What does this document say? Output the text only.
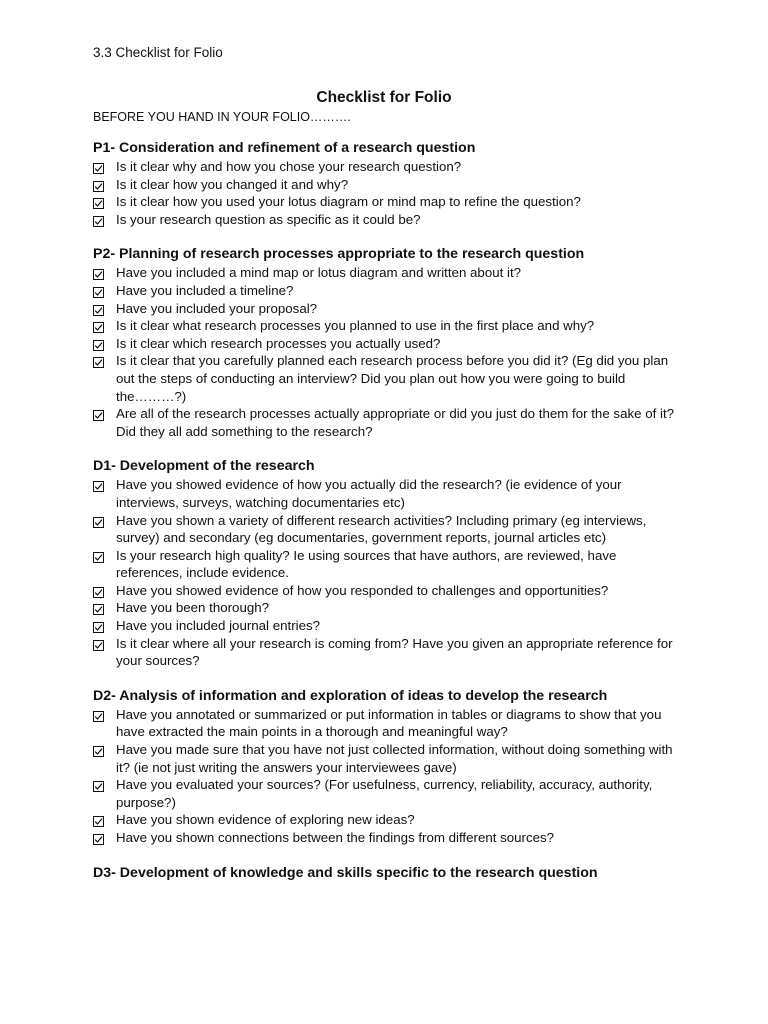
3.3 Checklist for Folio
Checklist for Folio
BEFORE YOU HAND IN YOUR FOLIO……….
P1- Consideration and refinement of a research question
Is it clear why and how you chose your research question?
Is it clear how you changed it and why?
Is it clear how you used your lotus diagram or mind map to refine the question?
Is your research question as specific as it could be?
P2- Planning of research processes appropriate to the research question
Have you included a mind map or lotus diagram and written about it?
Have you included a timeline?
Have you included your proposal?
Is it clear what research processes you planned to use in the first place and why?
Is it clear which research processes you actually used?
Is it clear that you carefully planned each research process before you did it? (Eg did you plan out the steps of conducting an interview? Did you plan out how you were going to build the………?)
Are all of the research processes actually appropriate or did you just do them for the sake of it? Did they all add something to the research?
D1- Development of the research
Have you showed evidence of how you actually did the research? (ie evidence of your interviews, surveys, watching documentaries etc)
Have you shown a variety of different research activities? Including primary (eg interviews, survey) and secondary (eg documentaries, government reports, journal articles etc)
Is your research high quality? Ie using sources that have authors, are reviewed, have references, include evidence.
Have you showed evidence of how you responded to challenges and opportunities?
Have you been thorough?
Have you included journal entries?
Is it clear where all your research is coming from? Have you given an appropriate reference for your sources?
D2- Analysis of information and exploration of ideas to develop the research
Have you annotated or summarized or put information in tables or diagrams to show that you have extracted the main points in a thorough and meaningful way?
Have you made sure that you have not just collected information, without doing something with it? (ie not just writing the answers your interviewees gave)
Have you evaluated your sources? (For usefulness, currency, reliability, accuracy, authority, purpose?)
Have you shown evidence of exploring new ideas?
Have you shown connections between the findings from different sources?
D3- Development of knowledge and skills specific to the research question
